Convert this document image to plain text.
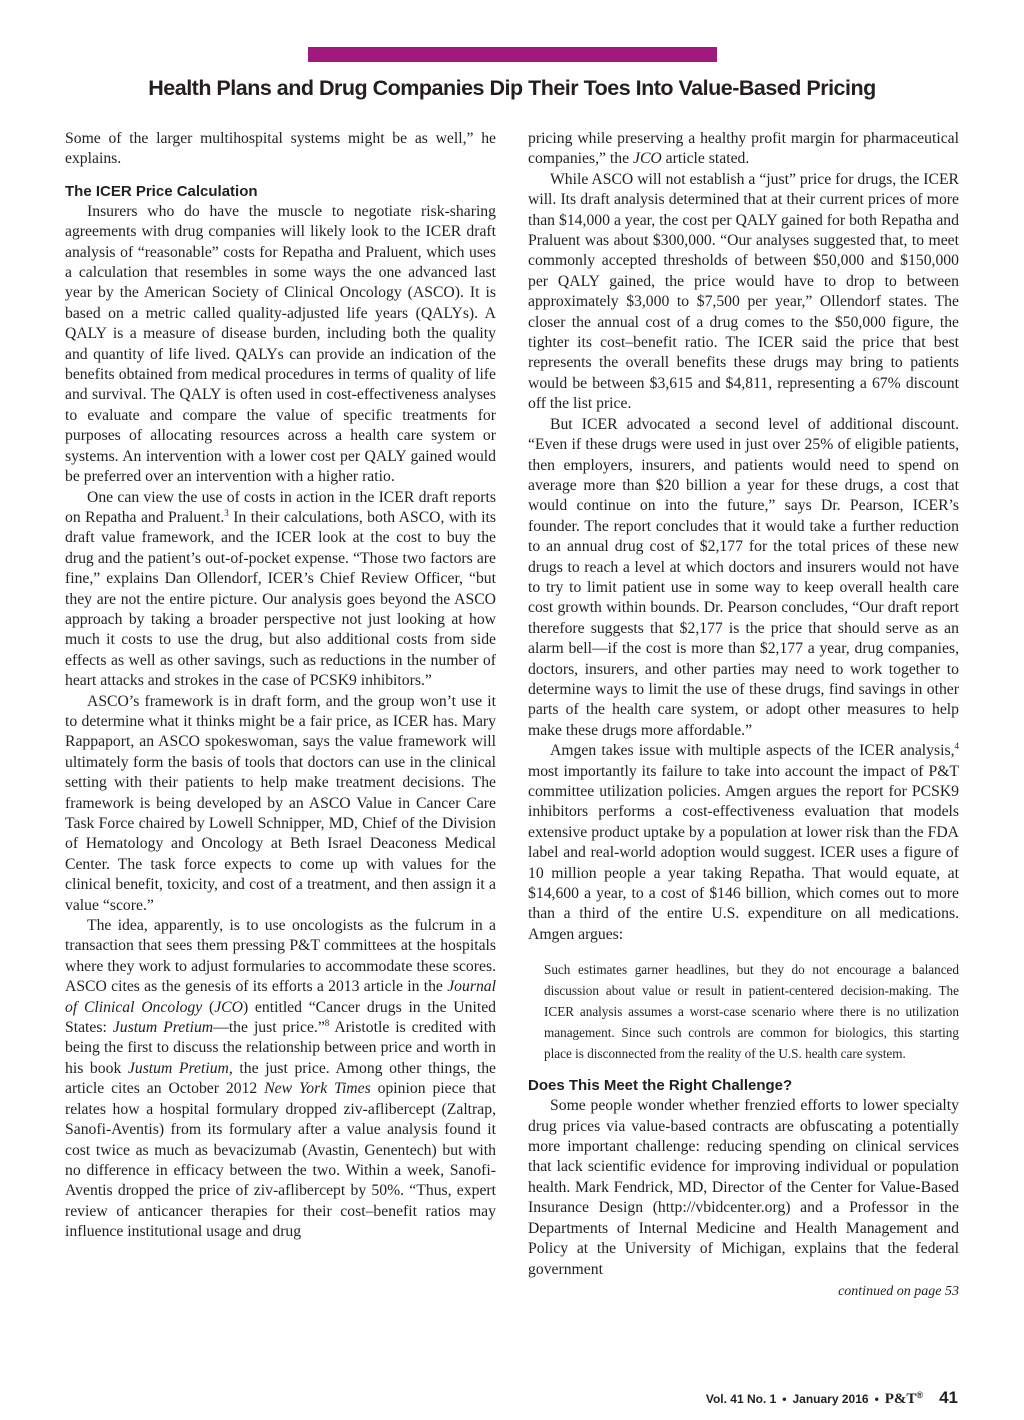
Health Plans and Drug Companies Dip Their Toes Into Value-Based Pricing

Some of the larger multihospital systems might be as well,” he explains.

The ICER Price Calculation

Insurers who do have the muscle to negotiate risk-sharing agreements with drug companies will likely look to the ICER draft analysis of “reasonable” costs for Repatha and Praluent, which uses a calculation that resembles in some ways the one advanced last year by the American Society of Clinical Oncology (ASCO). It is based on a metric called quality-adjusted life years (QALYs). A QALY is a measure of disease burden, including both the quality and quantity of life lived. QALYs can provide an indication of the benefits obtained from medical procedures in terms of quality of life and survival. The QALY is often used in cost-effectiveness analyses to evaluate and compare the value of specific treatments for purposes of allocating resources across a health care system or systems. An intervention with a lower cost per QALY gained would be preferred over an intervention with a higher ratio.

One can view the use of costs in action in the ICER draft reports on Repatha and Praluent.$^3$ In their calculations, both ASCO, with its draft value framework, and the ICER look at the cost to buy the drug and the patient’s out-of-pocket expense. “Those two factors are fine,” explains Dan Ollendorf, ICER’s Chief Review Officer, “but they are not the entire picture. Our analysis goes beyond the ASCO approach by taking a broader perspective not just looking at how much it costs to use the drug, but also additional costs from side effects as well as other savings, such as reductions in the number of heart attacks and strokes in the case of PCSK9 inhibitors.”

ASCO’s framework is in draft form, and the group won’t use it to determine what it thinks might be a fair price, as ICER has. Mary Rappaport, an ASCO spokeswoman, says the value framework will ultimately form the basis of tools that doctors can use in the clinical setting with their patients to help make treatment decisions. The framework is being developed by an ASCO Value in Cancer Care Task Force chaired by Lowell Schnipper, MD, Chief of the Division of Hematology and Oncology at Beth Israel Deaconess Medical Center. The task force expects to come up with values for the clinical benefit, toxicity, and cost of a treatment, and then assign it a value “score.”

The idea, apparently, is to use oncologists as the fulcrum in a transaction that sees them pressing P&T committees at the hospitals where they work to adjust formularies to accommodate these scores. ASCO cites as the genesis of its efforts a 2013 article in the Journal of Clinical Oncology (JCO) entitled “Cancer drugs in the United States: Justum Pretium—the just price.”$^8$ Aristotle is credited with being the first to discuss the relationship between price and worth in his book Justum Pretium, the just price. Among other things, the article cites an October 2012 New York Times opinion piece that relates how a hospital formulary dropped ziv-aflibercept (Zaltrap, Sanofi-Aventis) from its formulary after a value analysis found it cost twice as much as bevacizumab (Avastin, Genentech) but with no difference in efficacy between the two. Within a week, Sanofi-Aventis dropped the price of ziv-aflibercept by 50%. “Thus, expert review of anticancer therapies for their cost–benefit ratios may influence institutional usage and drug

pricing while preserving a healthy profit margin for pharmaceutical companies,” the JCO article stated.

While ASCO will not establish a “just” price for drugs, the ICER will. Its draft analysis determined that at their current prices of more than $14,000 a year, the cost per QALY gained for both Repatha and Praluent was about $300,000. “Our analyses suggested that, to meet commonly accepted thresholds of between $50,000 and $150,000 per QALY gained, the price would have to drop to between approximately $3,000 to $7,500 per year,” Ollendorf states. The closer the annual cost of a drug comes to the $50,000 figure, the tighter its cost–benefit ratio. The ICER said the price that best represents the overall benefits these drugs may bring to patients would be between $3,615 and $4,811, representing a 67% discount off the list price.

But ICER advocated a second level of additional discount. “Even if these drugs were used in just over 25% of eligible patients, then employers, insurers, and patients would need to spend on average more than $20 billion a year for these drugs, a cost that would continue on into the future,” says Dr. Pearson, ICER’s founder. The report concludes that it would take a further reduction to an annual drug cost of $2,177 for the total prices of these new drugs to reach a level at which doctors and insurers would not have to try to limit patient use in some way to keep overall health care cost growth within bounds. Dr. Pearson concludes, “Our draft report therefore suggests that $2,177 is the price that should serve as an alarm bell—if the cost is more than $2,177 a year, drug companies, doctors, insurers, and other parties may need to work together to determine ways to limit the use of these drugs, find savings in other parts of the health care system, or adopt other measures to help make these drugs more affordable.”

Amgen takes issue with multiple aspects of the ICER analysis,$^4$ most importantly its failure to take into account the impact of P&T committee utilization policies. Amgen argues the report for PCSK9 inhibitors performs a cost-effectiveness evaluation that models extensive product uptake by a population at lower risk than the FDA label and real-world adoption would suggest. ICER uses a figure of 10 million people a year taking Repatha. That would equate, at $14,600 a year, to a cost of $146 billion, which comes out to more than a third of the entire U.S. expenditure on all medications. Amgen argues:

Such estimates garner headlines, but they do not encourage a balanced discussion about value or result in patient-centered decision-making. The ICER analysis assumes a worst-case scenario where there is no utilization management. Since such controls are common for biologics, this starting place is disconnected from the reality of the U.S. health care system.

Does This Meet the Right Challenge?

Some people wonder whether frenzied efforts to lower specialty drug prices via value-based contracts are obfuscating a potentially more important challenge: reducing spending on clinical services that lack scientific evidence for improving individual or population health. Mark Fendrick, MD, Director of the Center for Value-Based Insurance Design (http://vbidcenter.org) and a Professor in the Departments of Internal Medicine and Health Management and Policy at the University of Michigan, explains that the federal government

continued on page 53
Vol. 41 No. 1 • January 2016 • P&T® 41
